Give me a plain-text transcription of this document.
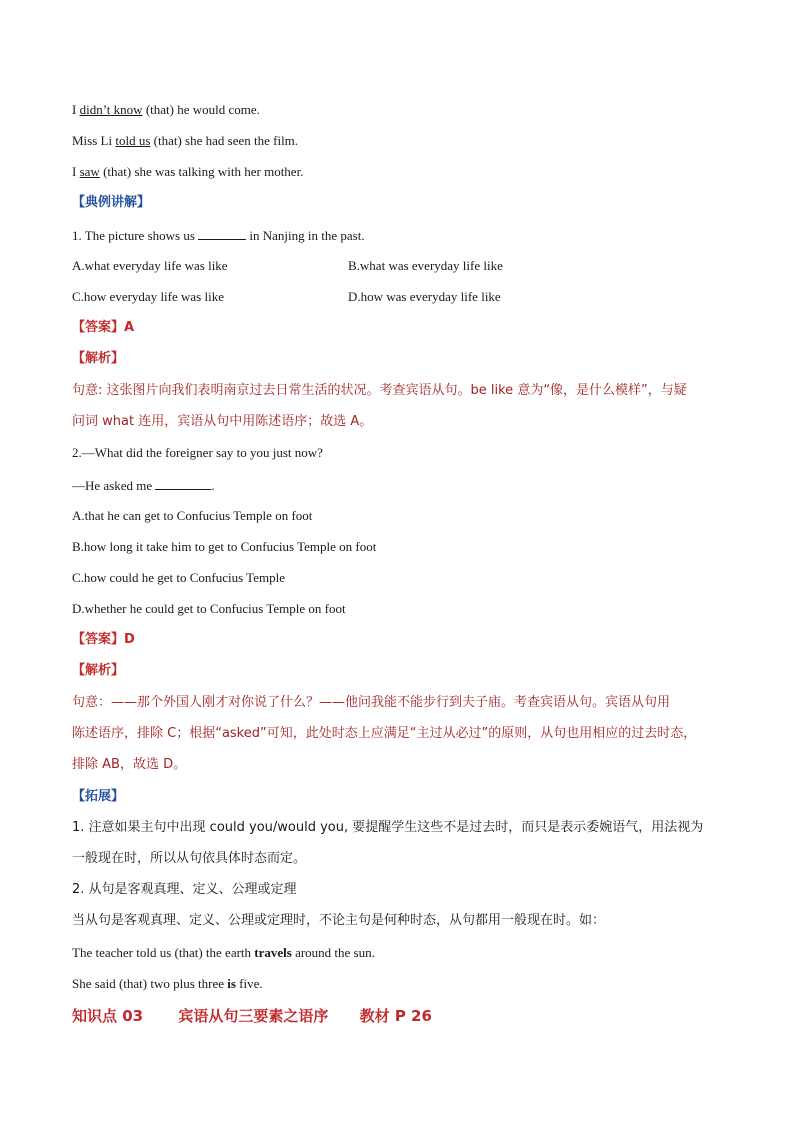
I didn’t know (that) he would come.
Miss Li told us (that) she had seen the film.
I saw (that) she was talking with her mother.
【典例讲解】
1. The picture shows us	in Nanjing in the past.
A.what everyday life was like	B.what was everyday life like
C.how everyday life was like	D.how was everyday life like
【答案】A
【解析】
句意: 这张图片向我们表明南京过去日常生活的状况。考查宾语从句。be like 意为“像，是什么模样”，与疑
问词 what 连用，宾语从句中用陈述语序；故选 A。
2.—What did the foreigner say to you just now?
—He asked me	.
A.that he can get to Confucius Temple on foot
B.how long it take him to get to Confucius Temple on foot
C.how could he get to Confucius Temple
D.whether he could get to Confucius Temple on foot
【答案】D
【解析】
句意：——那个外国人刚才对你说了什么？——他问我能不能步行到夫子庙。考查宾语从句。宾语从句用
陈述语序，排除 C；根据“asked”可知，此处时态上应满足“主过从必过”的原则，从句也用相应的过去时态，
排除 AB，故选 D。
【拓展】
1. 注意如果主句中出现 could you/would you, 要提醒学生这些不是过去时，而只是表示委婉语气，用法视为
一般现在时，所以从句依具体时态而定。
2. 从句是客观真理、定义、公理或定理
当从句是客观真理、定义、公理或定理时，不论主句是何种时态，从句都用一般现在时。如：
The teacher told us (that) the earth travels around the sun.
She said (that) two plus three is five.
知识点 03 宾语从句三要素之语序 教材 P 26
